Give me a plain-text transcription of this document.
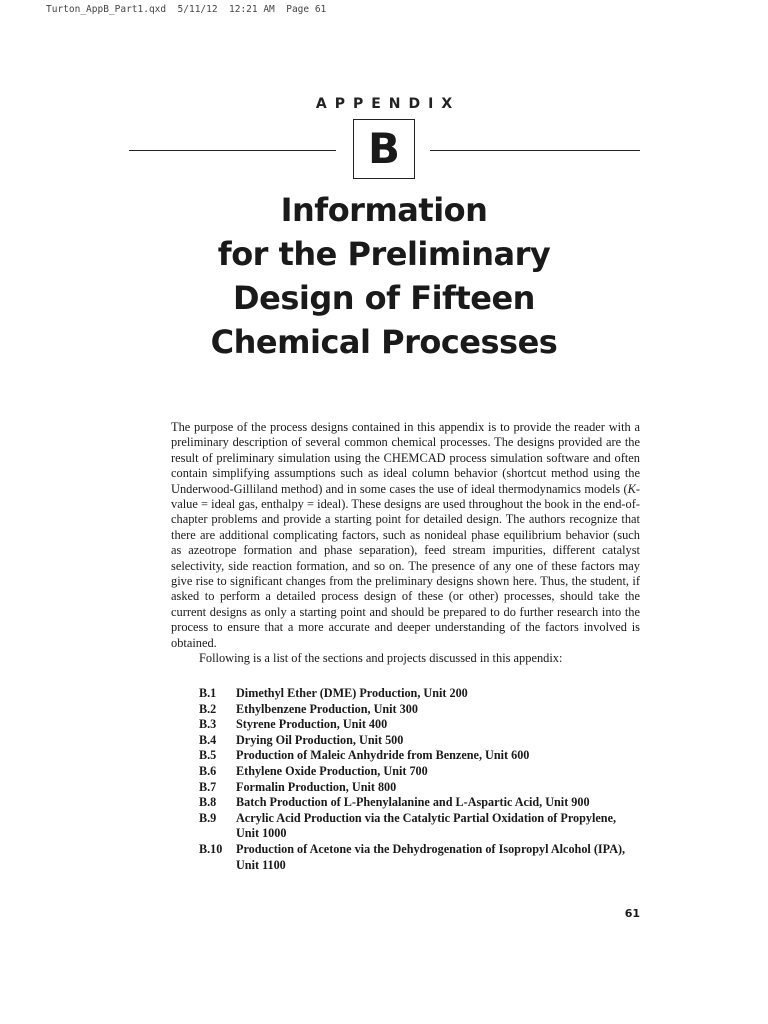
Turton_AppB_Part1.qxd  5/11/12  12:21 AM  Page 61
APPENDIX
B
Information
for the Preliminary
Design of Fifteen
Chemical Processes

The purpose of the process designs contained in this appendix is to provide the reader with a preliminary description of several common chemical processes. The designs provided are the result of preliminary simulation using the CHEMCAD process simulation software and often contain simplifying assumptions such as ideal column behavior (shortcut method using the Underwood-Gilliland method) and in some cases the use of ideal thermodynamics models (K-value = ideal gas, enthalpy = ideal). These designs are used throughout the book in the end-of-chapter problems and provide a starting point for detailed design. The authors recognize that there are additional complicating factors, such as nonideal phase equilibrium behavior (such as azeotrope formation and phase separation), feed stream impurities, different catalyst selectivity, side reaction formation, and so on. The presence of any one of these factors may give rise to significant changes from the preliminary designs shown here. Thus, the student, if asked to perform a detailed process design of these (or other) processes, should take the current designs as only a starting point and should be prepared to do further research into the process to ensure that a more accurate and deeper understanding of the factors involved is obtained.

Following is a list of the sections and projects discussed in this appendix:

B.1	Dimethyl Ether (DME) Production, Unit 200
B.2	Ethylbenzene Production, Unit 300
B.3	Styrene Production, Unit 400
B.4	Drying Oil Production, Unit 500
B.5	Production of Maleic Anhydride from Benzene, Unit 600
B.6	Ethylene Oxide Production, Unit 700
B.7	Formalin Production, Unit 800
B.8	Batch Production of L-Phenylalanine and L-Aspartic Acid, Unit 900
B.9	Acrylic Acid Production via the Catalytic Partial Oxidation of Propylene, Unit 1000
B.10	Production of Acetone via the Dehydrogenation of Isopropyl Alcohol (IPA), Unit 1100
61
